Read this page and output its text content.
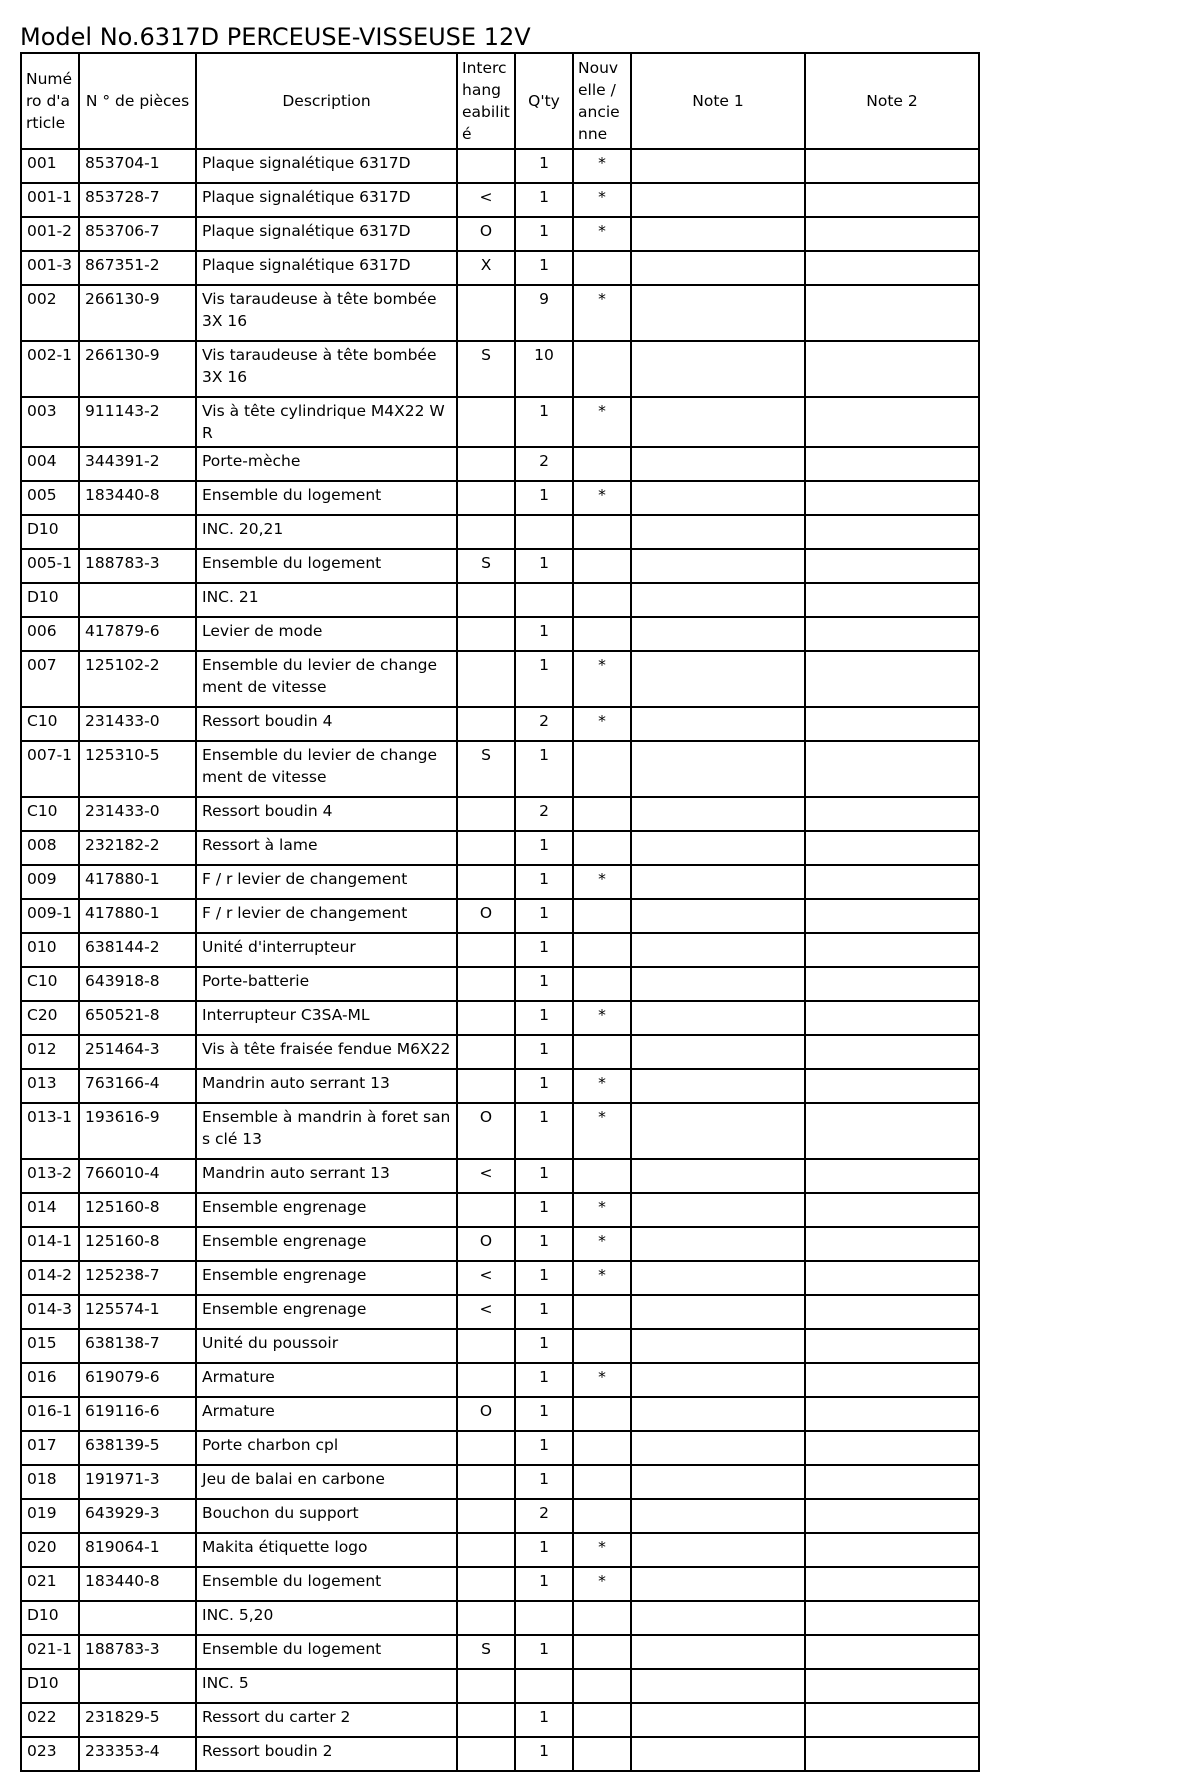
Model No.6317D PERCEUSE-VISSEUSE 12V
Numéro d'article	N ° de pièces	Description	Interchangeabilité	Q'ty	Nouvelle / ancienne	Note 1	Note 2
001	853704-1	Plaque signalétique 6317D		1	*		
001-1	853728-7	Plaque signalétique 6317D	<	1	*		
001-2	853706-7	Plaque signalétique 6317D	O	1	*		
001-3	867351-2	Plaque signalétique 6317D	X	1			
002	266130-9	Vis taraudeuse à tête bombée 3X 16		9	*		
002-1	266130-9	Vis taraudeuse à tête bombée 3X 16	S	10			
003	911143-2	Vis à tête cylindrique M4X22 WR		1	*		
004	344391-2	Porte-mèche		2			
005	183440-8	Ensemble du logement		1	*		
D10		INC. 20,21					
005-1	188783-3	Ensemble du logement	S	1			
D10		INC. 21					
006	417879-6	Levier de mode		1			
007	125102-2	Ensemble du levier de changement de vitesse		1	*		
C10	231433-0	Ressort boudin 4		2	*		
007-1	125310-5	Ensemble du levier de changement de vitesse	S	1			
C10	231433-0	Ressort boudin 4		2			
008	232182-2	Ressort à lame		1			
009	417880-1	F / r levier de changement		1	*		
009-1	417880-1	F / r levier de changement	O	1			
010	638144-2	Unité d'interrupteur		1			
C10	643918-8	Porte-batterie		1			
C20	650521-8	Interrupteur C3SA-ML		1	*		
012	251464-3	Vis à tête fraisée fendue M6X22		1			
013	763166-4	Mandrin auto serrant 13		1	*		
013-1	193616-9	Ensemble à mandrin à foret sans clé 13	O	1	*		
013-2	766010-4	Mandrin auto serrant 13	<	1			
014	125160-8	Ensemble engrenage		1	*		
014-1	125160-8	Ensemble engrenage	O	1	*		
014-2	125238-7	Ensemble engrenage	<	1	*		
014-3	125574-1	Ensemble engrenage	<	1			
015	638138-7	Unité du poussoir		1			
016	619079-6	Armature		1	*		
016-1	619116-6	Armature	O	1			
017	638139-5	Porte charbon cpl		1			
018	191971-3	Jeu de balai en carbone		1			
019	643929-3	Bouchon du support		2			
020	819064-1	Makita étiquette logo		1	*		
021	183440-8	Ensemble du logement		1	*		
D10		INC. 5,20					
021-1	188783-3	Ensemble du logement	S	1			
D10		INC. 5					
022	231829-5	Ressort du carter 2		1			
023	233353-4	Ressort boudin 2		1			
